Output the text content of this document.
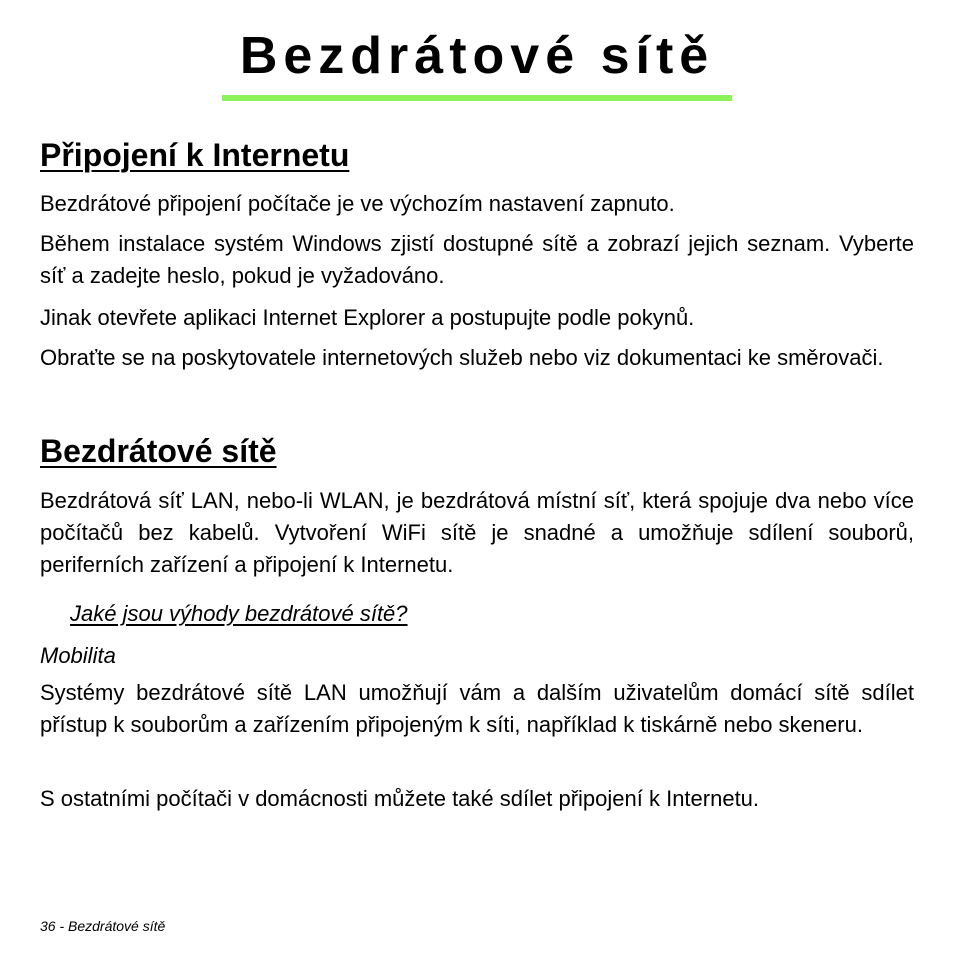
Bezdrátové sítě
Připojení k Internetu
Bezdrátové připojení počítače je ve výchozím nastavení zapnuto.
Během instalace systém Windows zjistí dostupné sítě a zobrazí jejich seznam. Vyberte síť a zadejte heslo, pokud je vyžadováno.
Jinak otevřete aplikaci Internet Explorer a postupujte podle pokynů.
Obraťte se na poskytovatele internetových služeb nebo viz dokumentaci ke směrovači.
Bezdrátové sítě
Bezdrátová síť LAN, nebo-li WLAN, je bezdrátová místní síť, která spojuje dva nebo více počítačů bez kabelů. Vytvoření WiFi sítě je snadné a umožňuje sdílení souborů, periferních zařízení a připojení k Internetu.
Jaké jsou výhody bezdrátové sítě?
Mobilita
Systémy bezdrátové sítě LAN umožňují vám a dalším uživatelům domácí sítě sdílet přístup k souborům a zařízením připojeným k síti, například k tiskárně nebo skeneru.
S ostatními počítači v domácnosti můžete také sdílet připojení k Internetu.
36 - Bezdrátové sítě
